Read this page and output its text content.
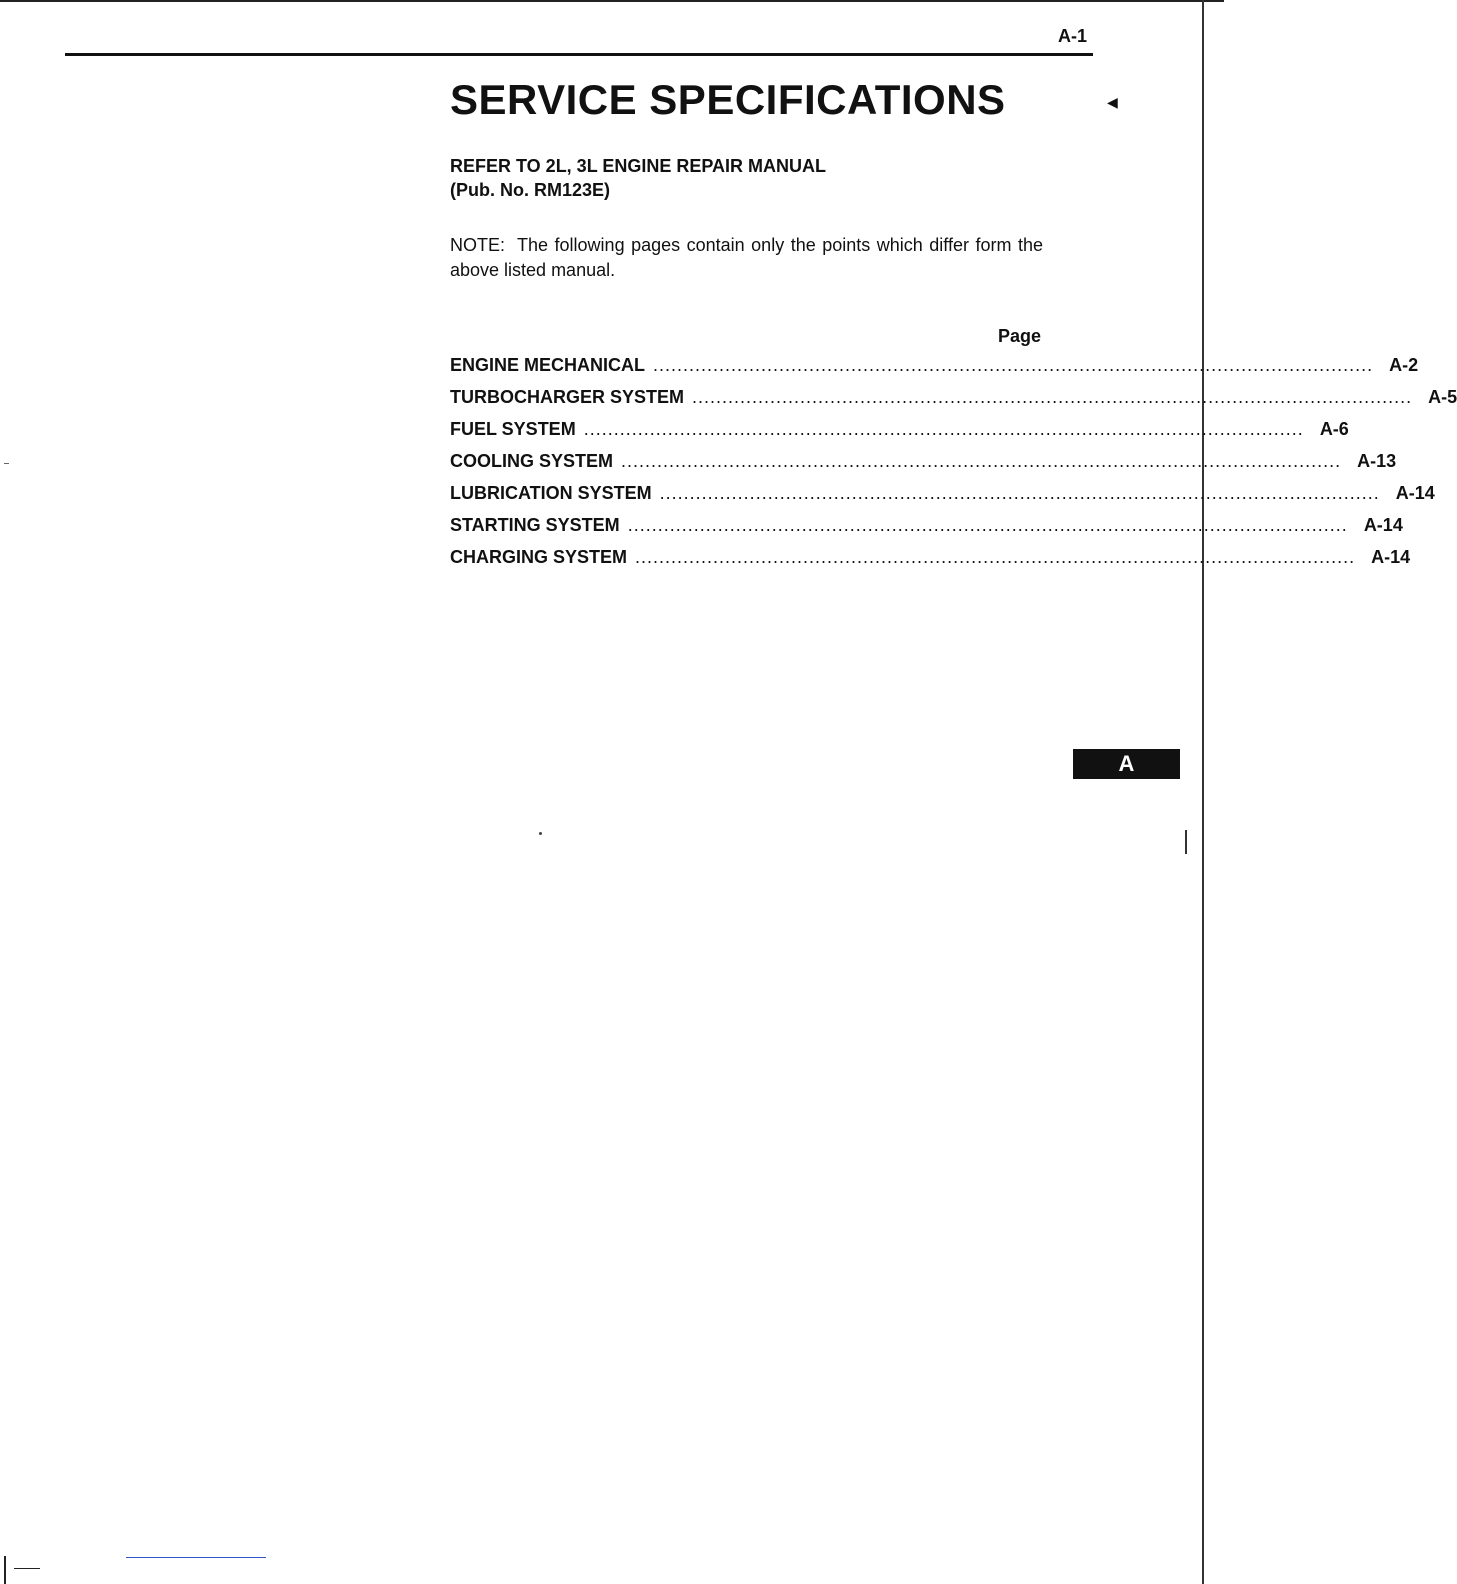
A-1
SERVICE SPECIFICATIONS	◀
REFER TO 2L, 3L ENGINE REPAIR MANUAL
(Pub. No. RM123E)
NOTE: The following pages contain only the points which differ form the above listed manual.
Page
ENGINE MECHANICAL ........................................................................................................................ A-2
TURBOCHARGER SYSTEM ........................................................................................................................ A-5
FUEL SYSTEM ........................................................................................................................ A-6
COOLING SYSTEM ........................................................................................................................ A-13
LUBRICATION SYSTEM ........................................................................................................................ A-14
STARTING SYSTEM ........................................................................................................................ A-14
CHARGING SYSTEM ........................................................................................................................ A-14
A
